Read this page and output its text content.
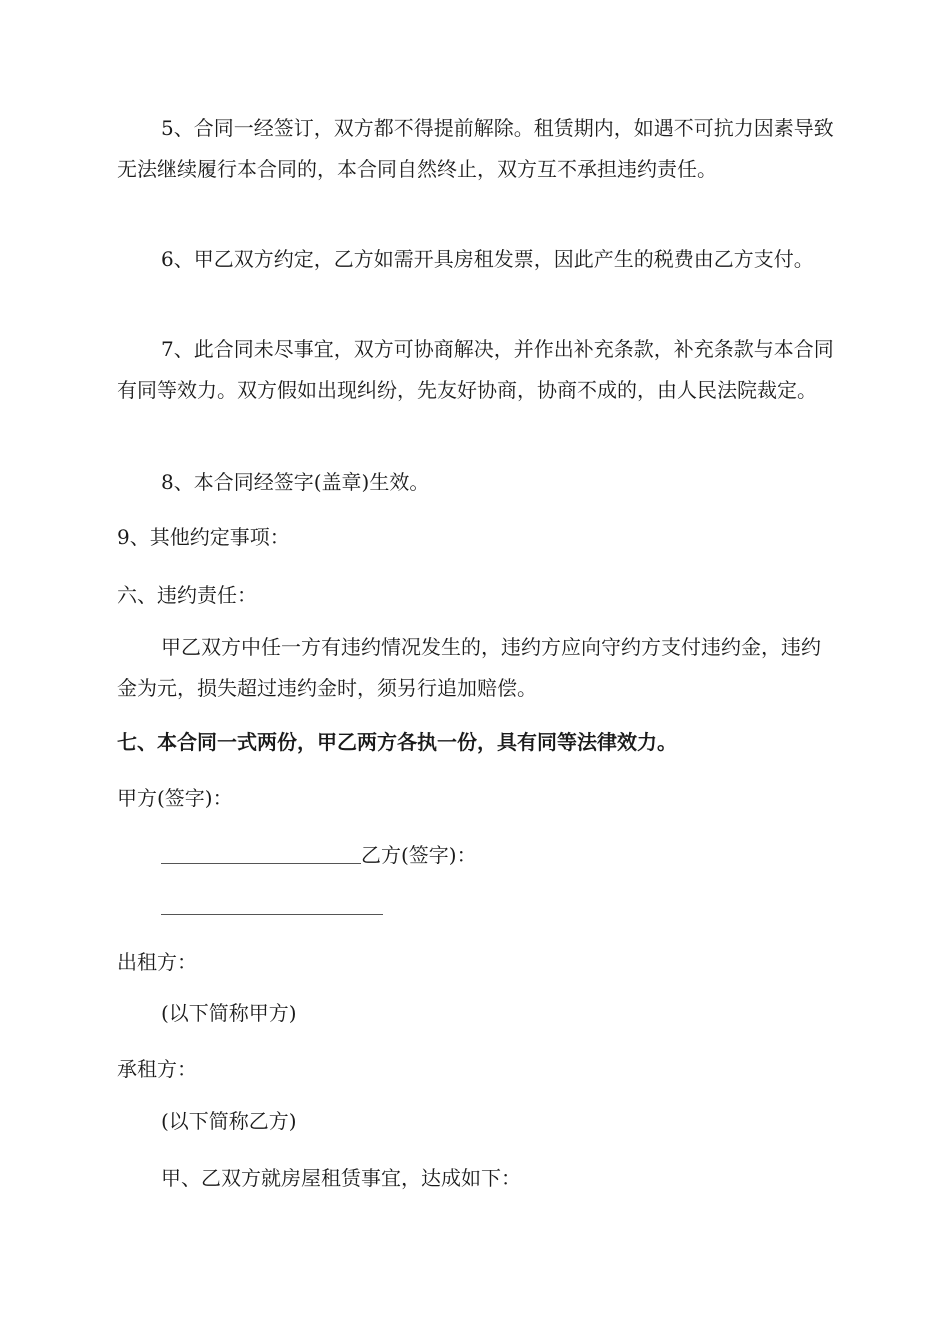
5、合同一经签订，双方都不得提前解除。租赁期内，如遇不可抗力因素导致无法继续履行本合同的，本合同自然终止，双方互不承担违约责任。

6、甲乙双方约定，乙方如需开具房租发票，因此产生的税费由乙方支付。

7、此合同未尽事宜，双方可协商解决，并作出补充条款，补充条款与本合同有同等效力。双方假如出现纠纷，先友好协商，协商不成的，由人民法院裁定。

8、本合同经签字(盖章)生效。

9、其他约定事项：

六、违约责任：

甲乙双方中任一方有违约情况发生的，违约方应向守约方支付违约金，违约金为元，损失超过违约金时，须另行追加赔偿。

七、本合同一式两份，甲乙两方各执一份，具有同等法律效力。

甲方(签字)：

乙方(签字)：

出租方：

(以下简称甲方)

承租方：

(以下简称乙方)

甲、乙双方就房屋租赁事宜，达成如下：
